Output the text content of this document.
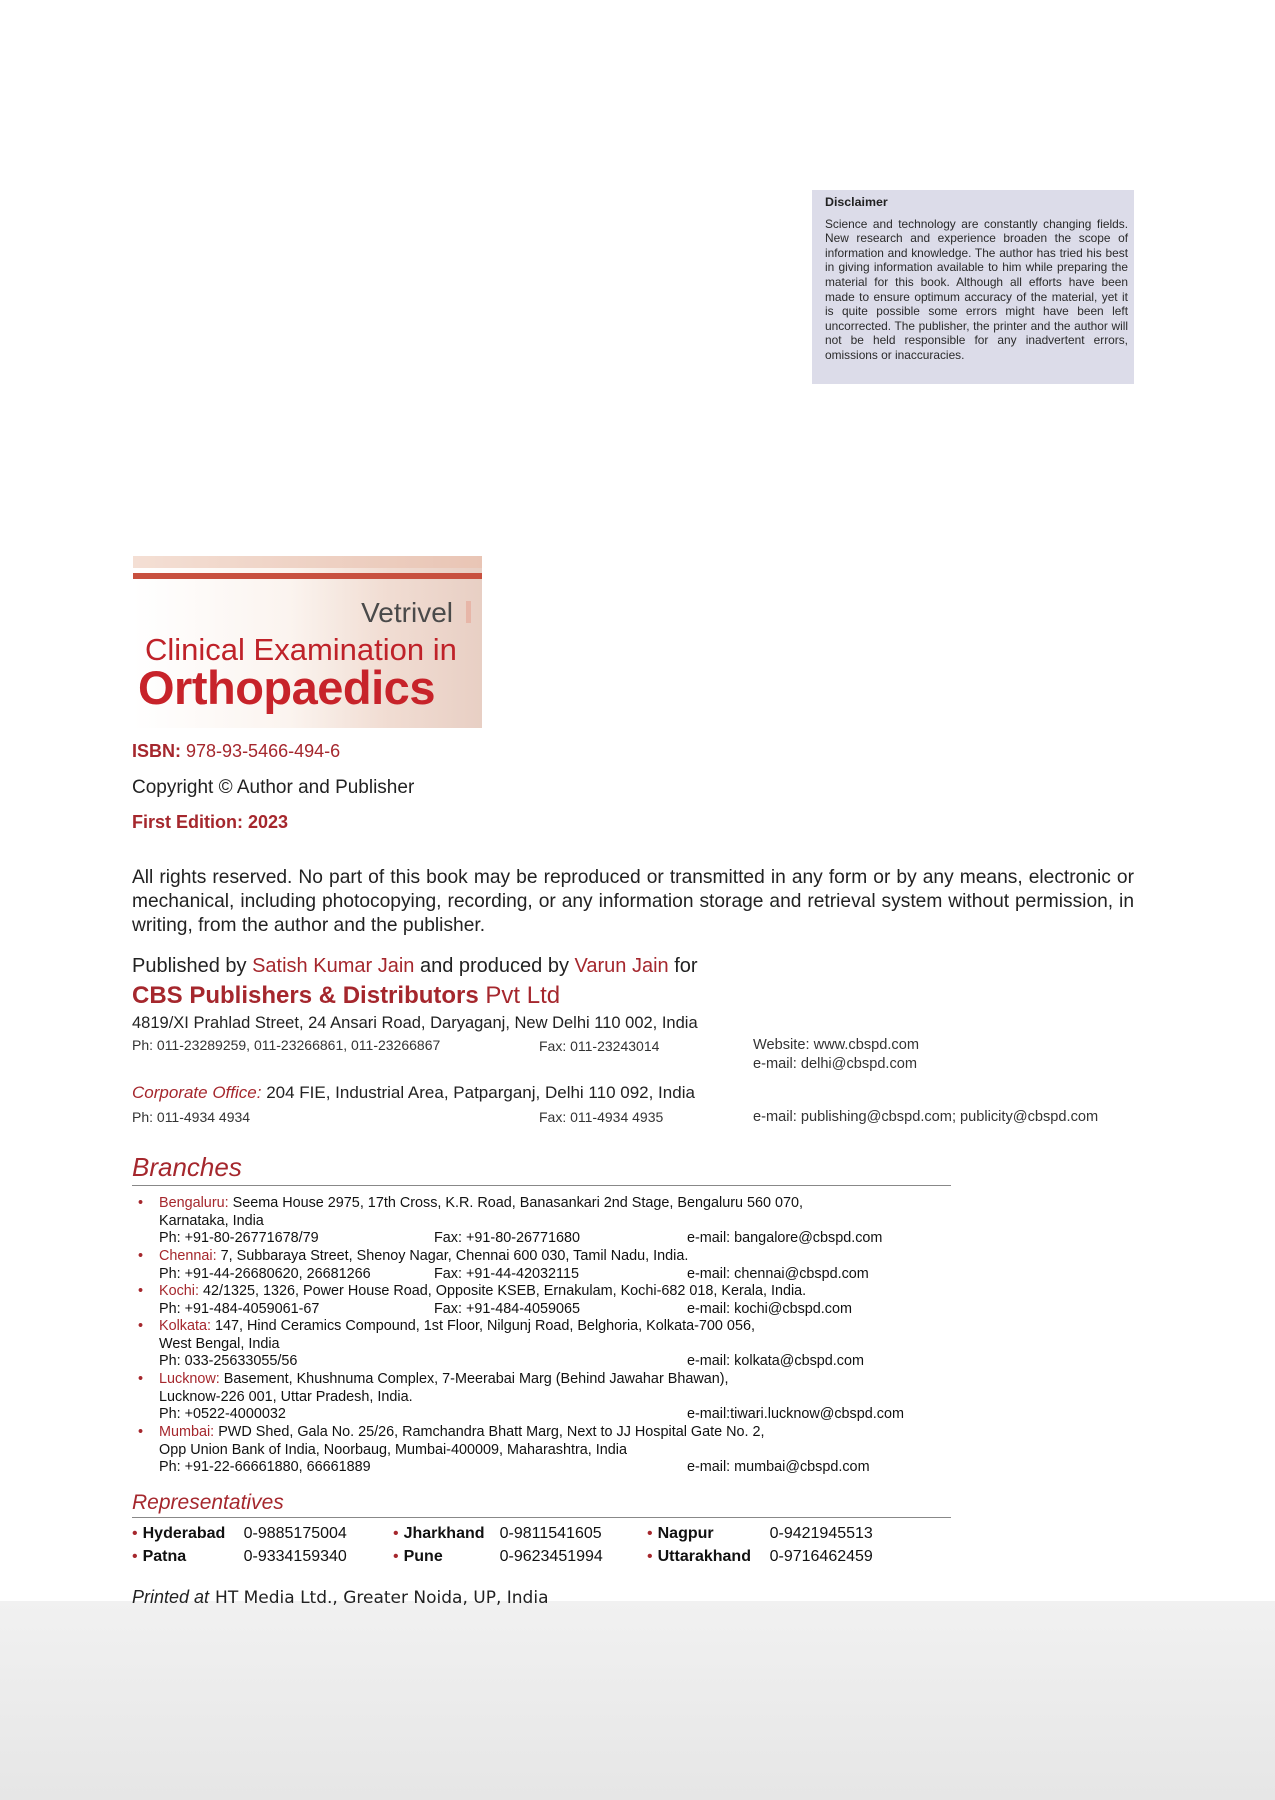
Disclaimer

Science and technology are constantly changing fields. New research and experience broaden the scope of information and knowledge. The author has tried his best in giving information available to him while preparing the material for this book. Although all efforts have been made to ensure optimum accuracy of the material, yet it is quite possible some errors might have been left uncorrected. The publisher, the printer and the author will not be held responsible for any inadvertent errors, omissions or inaccuracies.

Vetrivel
Clinical Examination in
Orthopaedics
ISBN: 978-93-5466-494-6
Copyright © Author and Publisher
First Edition: 2023
All rights reserved. No part of this book may be reproduced or transmitted in any form or by any means, electronic or mechanical, including photocopying, recording, or any information storage and retrieval system without permission, in writing, from the author and the publisher.
Published by Satish Kumar Jain and produced by Varun Jain for
CBS Publishers & Distributors Pvt Ltd
4819/XI Prahlad Street, 24 Ansari Road, Daryaganj, New Delhi 110 002, India
Ph: 011-23289259, 011-23266861, 011-23266867	Fax: 011-23243014	Website: www.cbspd.com
e-mail: delhi@cbspd.com
Corporate Office: 204 FIE, Industrial Area, Patparganj, Delhi 110 092, India
Ph: 011-4934 4934	Fax: 011-4934 4935	e-mail: publishing@cbspd.com; publicity@cbspd.com
Branches
• Bengaluru: Seema House 2975, 17th Cross, K.R. Road, Banasankari 2nd Stage, Bengaluru 560 070,
Karnataka, India
Ph: +91-80-26771678/79	Fax: +91-80-26771680	e-mail: bangalore@cbspd.com
• Chennai: 7, Subbaraya Street, Shenoy Nagar, Chennai 600 030, Tamil Nadu, India.
Ph: +91-44-26680620, 26681266	Fax: +91-44-42032115	e-mail: chennai@cbspd.com
• Kochi: 42/1325, 1326, Power House Road, Opposite KSEB, Ernakulam, Kochi-682 018, Kerala, India.
Ph: +91-484-4059061-67	Fax: +91-484-4059065	e-mail: kochi@cbspd.com
• Kolkata: 147, Hind Ceramics Compound, 1st Floor, Nilgunj Road, Belghoria, Kolkata-700 056,
West Bengal, India
Ph: 033-25633055/56	e-mail: kolkata@cbspd.com
• Lucknow: Basement, Khushnuma Complex, 7-Meerabai Marg (Behind Jawahar Bhawan),
Lucknow-226 001, Uttar Pradesh, India.
Ph: +0522-4000032	e-mail:tiwari.lucknow@cbspd.com
• Mumbai: PWD Shed, Gala No. 25/26, Ramchandra Bhatt Marg, Next to JJ Hospital Gate No. 2,
Opp Union Bank of India, Noorbaug, Mumbai-400009, Maharashtra, India
Ph: +91-22-66661880, 66661889	e-mail: mumbai@cbspd.com
Representatives
• Hyderabad 0-9885175004	• Jharkhand 0-9811541605	• Nagpur	0-9421945513
• Patna	0-9334159340	• Pune	0-9623451994	• Uttarakhand 0-9716462459
Printed at HT Media Ltd., Greater Noida, UP, India
